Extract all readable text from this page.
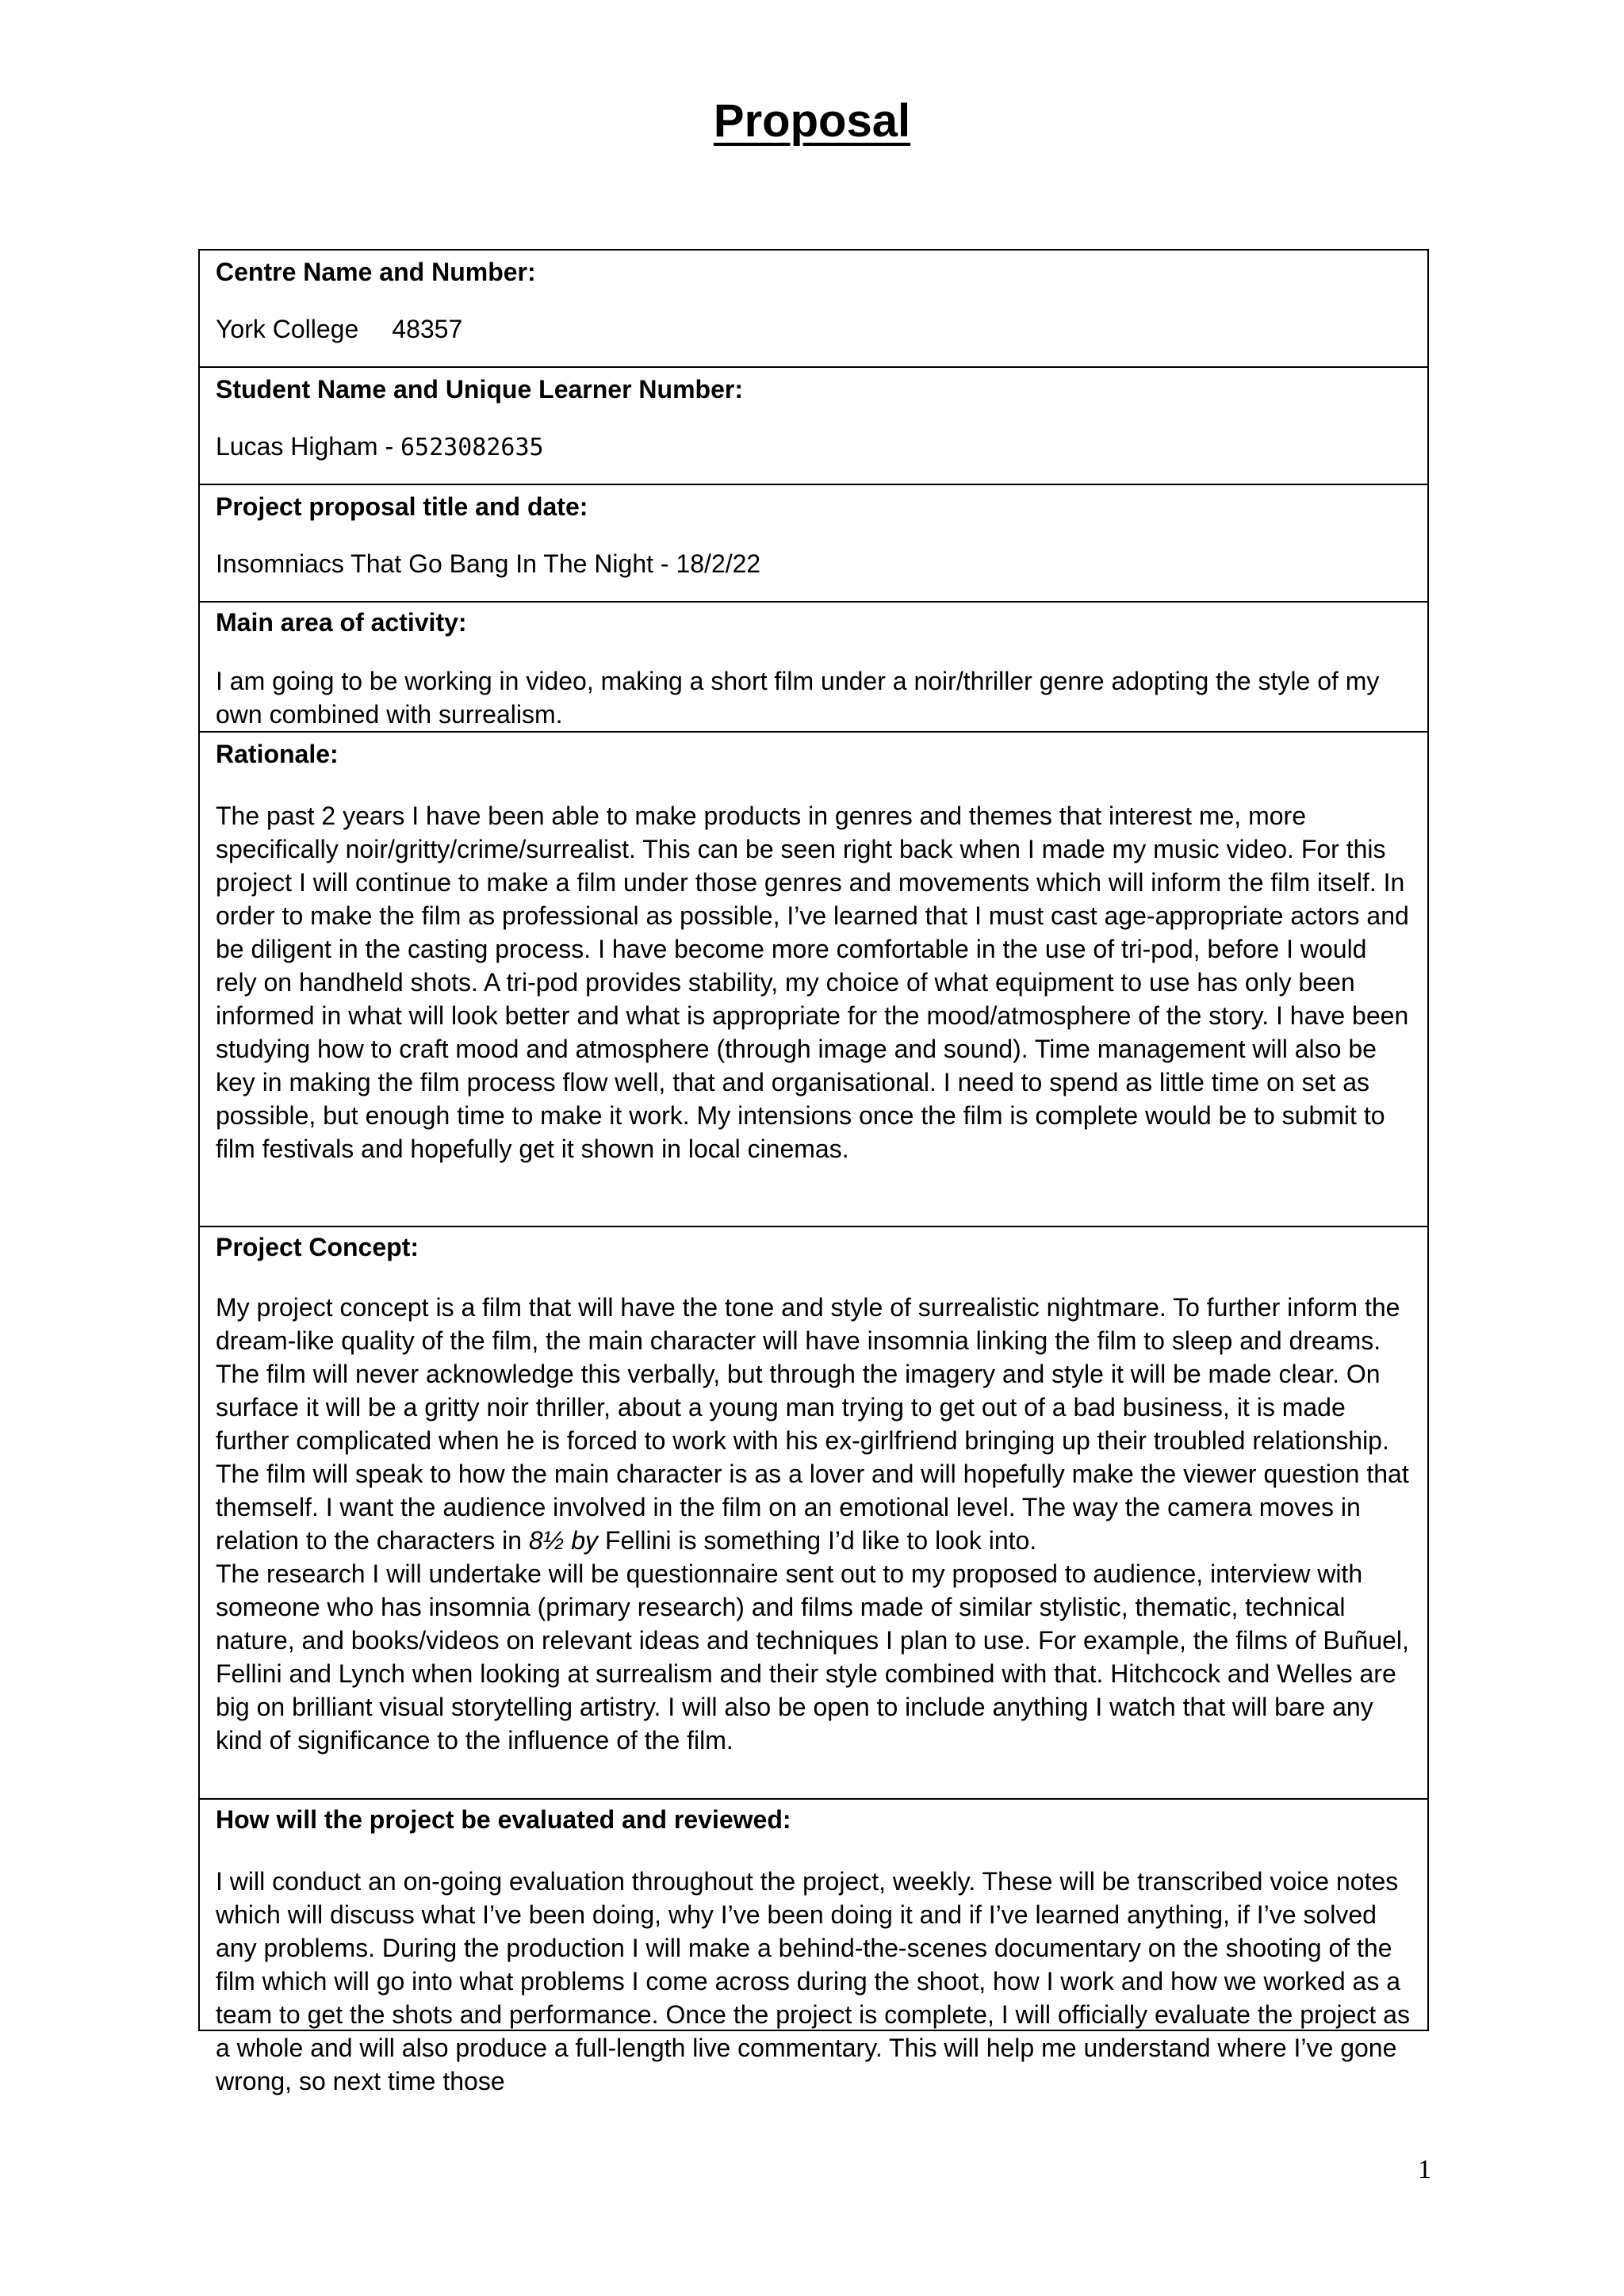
Proposal
Centre Name and Number:
York College 48357
Student Name and Unique Learner Number:
Lucas Higham - 6523082635
Project proposal title and date:
Insomniacs That Go Bang In The Night - 18/2/22
Main area of activity:
I am going to be working in video, making a short film under a noir/thriller genre adopting the style of my own combined with surrealism.
Rationale:
The past 2 years I have been able to make products in genres and themes that interest me, more specifically noir/gritty/crime/surrealist. This can be seen right back when I made my music video. For this project I will continue to make a film under those genres and movements which will inform the film itself. In order to make the film as professional as possible, I’ve learned that I must cast age-appropriate actors and be diligent in the casting process. I have become more comfortable in the use of tri-pod, before I would rely on handheld shots. A tri-pod provides stability, my choice of what equipment to use has only been informed in what will look better and what is appropriate for the mood/atmosphere of the story. I have been studying how to craft mood and atmosphere (through image and sound). Time management will also be key in making the film process flow well, that and organisational. I need to spend as little time on set as possible, but enough time to make it work. My intensions once the film is complete would be to submit to film festivals and hopefully get it shown in local cinemas.
Project Concept:
My project concept is a film that will have the tone and style of surrealistic nightmare. To further inform the dream-like quality of the film, the main character will have insomnia linking the film to sleep and dreams. The film will never acknowledge this verbally, but through the imagery and style it will be made clear. On surface it will be a gritty noir thriller, about a young man trying to get out of a bad business, it is made further complicated when he is forced to work with his ex-girlfriend bringing up their troubled relationship. The film will speak to how the main character is as a lover and will hopefully make the viewer question that themself. I want the audience involved in the film on an emotional level. The way the camera moves in relation to the characters in 8½ by Fellini is something I’d like to look into.
The research I will undertake will be questionnaire sent out to my proposed to audience, interview with someone who has insomnia (primary research) and films made of similar stylistic, thematic, technical nature, and books/videos on relevant ideas and techniques I plan to use. For example, the films of Buñuel, Fellini and Lynch when looking at surrealism and their style combined with that. Hitchcock and Welles are big on brilliant visual storytelling artistry. I will also be open to include anything I watch that will bare any kind of significance to the influence of the film.
How will the project be evaluated and reviewed:
I will conduct an on-going evaluation throughout the project, weekly. These will be transcribed voice notes which will discuss what I’ve been doing, why I’ve been doing it and if I’ve learned anything, if I’ve solved any problems. During the production I will make a behind-the-scenes documentary on the shooting of the film which will go into what problems I come across during the shoot, how I work and how we worked as a team to get the shots and performance. Once the project is complete, I will officially evaluate the project as a whole and will also produce a full-length live commentary. This will help me understand where I’ve gone wrong, so next time those
1
